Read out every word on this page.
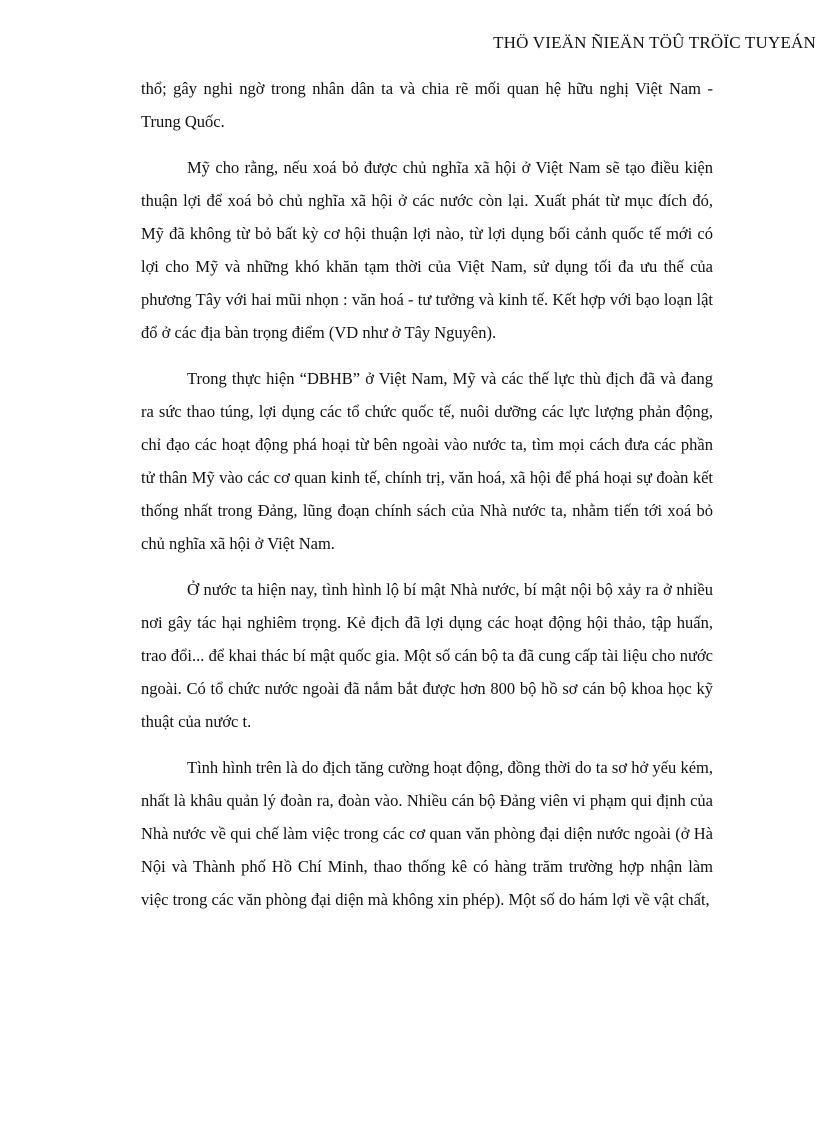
THÖ VIEÄN ÑIEÄN TÖÛ TRÖÏC TUYEÁN

thổ; gây nghi ngờ trong nhân dân ta và chia rẽ mối quan hệ hữu nghị Việt Nam - Trung Quốc.

Mỹ cho rằng, nếu xoá bỏ được chủ nghĩa xã hội ở Việt Nam sẽ tạo điều kiện thuận lợi để xoá bỏ chủ nghĩa xã hội ở các nước còn lại. Xuất phát từ mục đích đó, Mỹ đã không từ bỏ bất kỳ cơ hội thuận lợi nào, từ lợi dụng bối cảnh quốc tế mới có lợi cho Mỹ và những khó khăn tạm thời của Việt Nam, sử dụng tối đa ưu thế của phương Tây với hai mũi nhọn : văn hoá - tư tưởng và kinh tế. Kết hợp với bạo loạn lật đổ ở các địa bàn trọng điểm (VD như ở Tây Nguyên).

Trong thực hiện “DBHB” ở Việt Nam, Mỹ và các thế lực thù địch đã và đang ra sức thao túng, lợi dụng các tổ chức quốc tế, nuôi dưỡng các lực lượng phản động, chỉ đạo các hoạt động phá hoại từ bên ngoài vào nước ta, tìm mọi cách đưa các phần tử thân Mỹ vào các cơ quan kinh tế, chính trị, văn hoá, xã hội để phá hoại sự đoàn kết thống nhất trong Đảng, lũng đoạn chính sách của Nhà nước ta, nhằm tiến tới xoá bỏ chủ nghĩa xã hội ở Việt Nam.

Ở nước ta hiện nay, tình hình lộ bí mật Nhà nước, bí mật nội bộ xảy ra ở nhiều nơi gây tác hại nghiêm trọng. Kẻ địch đã lợi dụng các hoạt động hội thảo, tập huấn, trao đổi... để khai thác bí mật quốc gia. Một số cán bộ ta đã cung cấp tài liệu cho nước ngoài. Có tổ chức nước ngoài đã nắm bắt được hơn 800 bộ hồ sơ cán bộ khoa học kỹ thuật của nước t.

Tình hình trên là do địch tăng cường hoạt động, đồng thời do ta sơ hở yếu kém, nhất là khâu quản lý đoàn ra, đoàn vào. Nhiều cán bộ Đảng viên vi phạm qui định của Nhà nước về qui chế làm việc trong các cơ quan văn phòng đại diện nước ngoài (ở Hà Nội và Thành phố Hồ Chí Minh, thao thống kê có hàng trăm trường hợp nhận làm việc trong các văn phòng đại diện mà không xin phép). Một số do hám lợi về vật chất,
